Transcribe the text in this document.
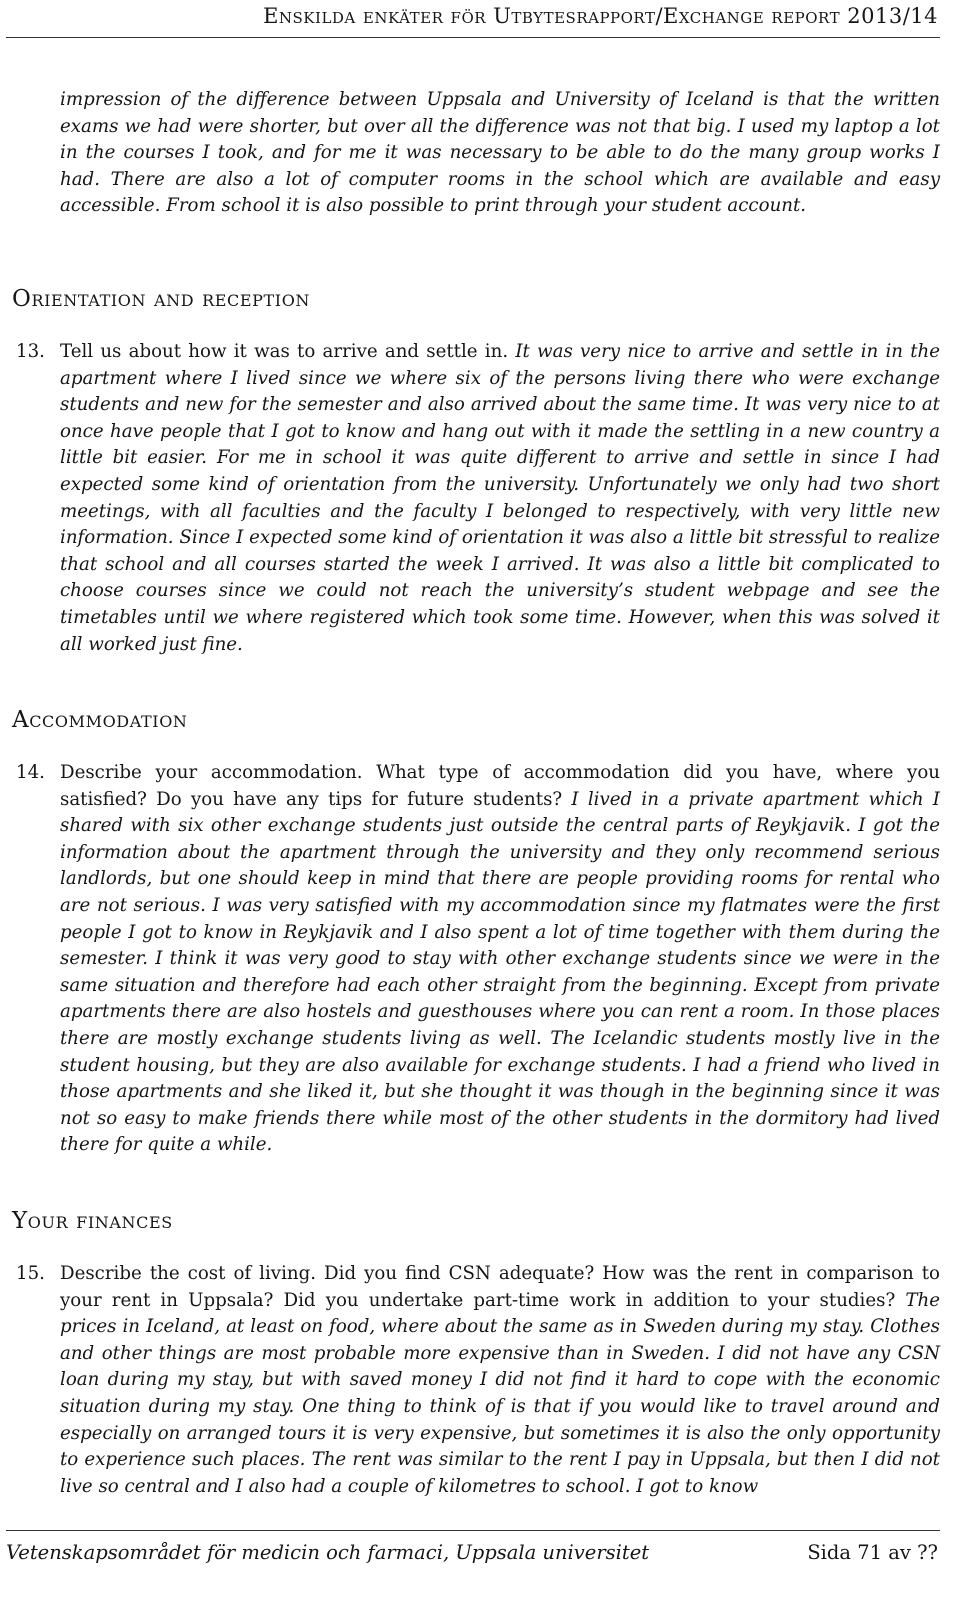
Enskilda enkäter för Utbytesrapport/Exchange report 2013/14

impression of the difference between Uppsala and University of Iceland is that the written exams we had were shorter, but over all the difference was not that big. I used my laptop a lot in the courses I took, and for me it was necessary to be able to do the many group works I had. There are also a lot of computer rooms in the school which are available and easy accessible. From school it is also possible to print through your student account.

Orientation and reception
13. Tell us about how it was to arrive and settle in. It was very nice to arrive and settle in in the apartment where I lived since we where six of the persons living there who were exchange students and new for the semester and also arrived about the same time. It was very nice to at once have people that I got to know and hang out with it made the settling in a new country a little bit easier. For me in school it was quite different to arrive and settle in since I had expected some kind of orientation from the university. Unfortunately we only had two short meetings, with all faculties and the faculty I belonged to respectively, with very little new information. Since I expected some kind of orientation it was also a little bit stressful to realize that school and all courses started the week I arrived. It was also a little bit complicated to choose courses since we could not reach the university’s student webpage and see the timetables until we where registered which took some time. However, when this was solved it all worked just fine.

Accommodation
14. Describe your accommodation. What type of accommodation did you have, where you satisfied? Do you have any tips for future students? I lived in a private apartment which I shared with six other exchange students just outside the central parts of Reykjavik. I got the information about the apartment through the university and they only recommend serious landlords, but one should keep in mind that there are people providing rooms for rental who are not serious. I was very satisfied with my accommodation since my flatmates were the first people I got to know in Reykjavik and I also spent a lot of time together with them during the semester. I think it was very good to stay with other exchange students since we were in the same situation and therefore had each other straight from the beginning. Except from private apartments there are also hostels and guesthouses where you can rent a room. In those places there are mostly exchange students living as well. The Icelandic students mostly live in the student housing, but they are also available for exchange students. I had a friend who lived in those apartments and she liked it, but she thought it was though in the beginning since it was not so easy to make friends there while most of the other students in the dormitory had lived there for quite a while.

Your finances
15. Describe the cost of living. Did you find CSN adequate? How was the rent in comparison to your rent in Uppsala? Did you undertake part-time work in addition to your studies? The prices in Iceland, at least on food, where about the same as in Sweden during my stay. Clothes and other things are most probable more expensive than in Sweden. I did not have any CSN loan during my stay, but with saved money I did not find it hard to cope with the economic situation during my stay. One thing to think of is that if you would like to travel around and especially on arranged tours it is very expensive, but sometimes it is also the only opportunity to experience such places. The rent was similar to the rent I pay in Uppsala, but then I did not live so central and I also had a couple of kilometres to school. I got to know

Vetenskapsområdet för medicin och farmaci, Uppsala universitet	Sida 71 av ??
